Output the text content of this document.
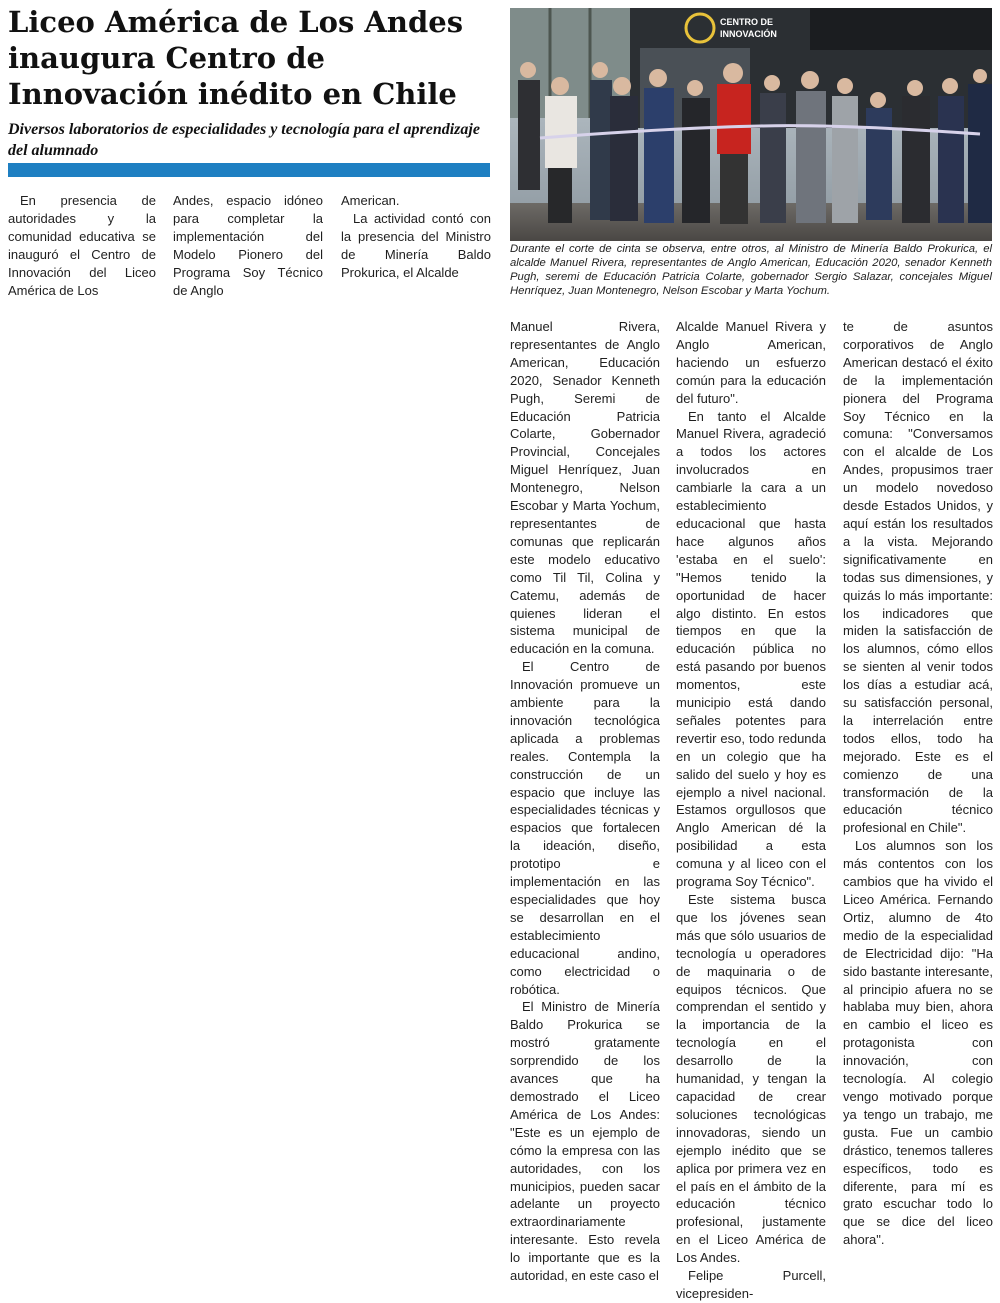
Liceo América de Los Andes inaugura Centro de Innovación inédito en Chile
Diversos laboratorios de especialidades y tecnología para el aprendizaje del alumnado

En presencia de autoridades y la comunidad educativa se inauguró el Centro de Innovación del Liceo América de Los

Andes, espacio idóneo para completar la implementación del Modelo Pionero del Programa Soy Técnico de Anglo

American.

La actividad contó con la presencia del Ministro de Minería Baldo Prokurica, el Alcalde

CENTRO DE
INNOVACIÓN

Durante el corte de cinta se observa, entre otros, al Ministro de Minería Baldo Prokurica, el alcalde Manuel Rivera, representantes de Anglo American, Educación 2020, senador Kenneth Pugh, seremi de Educación Patricia Colarte, gobernador Sergio Salazar, concejales Miguel Henríquez, Juan Montenegro, Nelson Escobar y Marta Yochum.

Manuel Rivera, representantes de Anglo American, Educación 2020, Senador Kenneth Pugh, Seremi de Educación Patricia Colarte, Gobernador Provincial, Concejales Miguel Henríquez, Juan Montenegro, Nelson Escobar y Marta Yochum, representantes de comunas que replicarán este modelo educativo como Til Til, Colina y Catemu, además de quienes lideran el sistema municipal de educación en la comuna.

El Centro de Innovación promueve un ambiente para la innovación tecnológica aplicada a problemas reales. Contempla la construcción de un espacio que incluye las especialidades técnicas y espacios que fortalecen la ideación, diseño, prototipo e implementación en las especialidades que hoy se desarrollan en el establecimiento educacional andino, como electricidad o robótica.

El Ministro de Minería Baldo Prokurica se mostró gratamente sorprendido de los avances que ha demostrado el Liceo América de Los Andes: "Este es un ejemplo de cómo la empresa con las autoridades, con los municipios, pueden sacar adelante un proyecto extraordinariamente interesante. Esto revela lo importante que es la autoridad, en este caso el

Alcalde Manuel Rivera y Anglo American, haciendo un esfuerzo común para la educación del futuro".

En tanto el Alcalde Manuel Rivera, agradeció a todos los actores involucrados en cambiarle la cara a un establecimiento educacional que hasta hace algunos años 'estaba en el suelo': "Hemos tenido la oportunidad de hacer algo distinto. En estos tiempos en que la educación pública no está pasando por buenos momentos, este municipio está dando señales potentes para revertir eso, todo redunda en un colegio que ha salido del suelo y hoy es ejemplo a nivel nacional. Estamos orgullosos que Anglo American dé la posibilidad a esta comuna y al liceo con el programa Soy Técnico".

Este sistema busca que los jóvenes sean más que sólo usuarios de tecnología u operadores de maquinaria o de equipos técnicos. Que comprendan el sentido y la importancia de la tecnología en el desarrollo de la humanidad, y tengan la capacidad de crear soluciones tecnológicas innovadoras, siendo un ejemplo inédito que se aplica por primera vez en el país en el ámbito de la educación técnico profesional, justamente en el Liceo América de Los Andes.

Felipe Purcell, vicepresiden-

te de asuntos corporativos de Anglo American destacó el éxito de la implementación pionera del Programa Soy Técnico en la comuna: "Conversamos con el alcalde de Los Andes, propusimos traer un modelo novedoso desde Estados Unidos, y aquí están los resultados a la vista. Mejorando significativamente en todas sus dimensiones, y quizás lo más importante: los indicadores que miden la satisfacción de los alumnos, cómo ellos se sienten al venir todos los días a estudiar acá, su satisfacción personal, la interrelación entre todos ellos, todo ha mejorado. Este es el comienzo de una transformación de la educación técnico profesional en Chile".

Los alumnos son los más contentos con los cambios que ha vivido el Liceo América. Fernando Ortiz, alumno de 4to medio de la especialidad de Electricidad dijo: "Ha sido bastante interesante, al principio afuera no se hablaba muy bien, ahora en cambio el liceo es protagonista con innovación, con tecnología. Al colegio vengo motivado porque ya tengo un trabajo, me gusta. Fue un cambio drástico, tenemos talleres específicos, todo es diferente, para mí es grato escuchar todo lo que se dice del liceo ahora".
